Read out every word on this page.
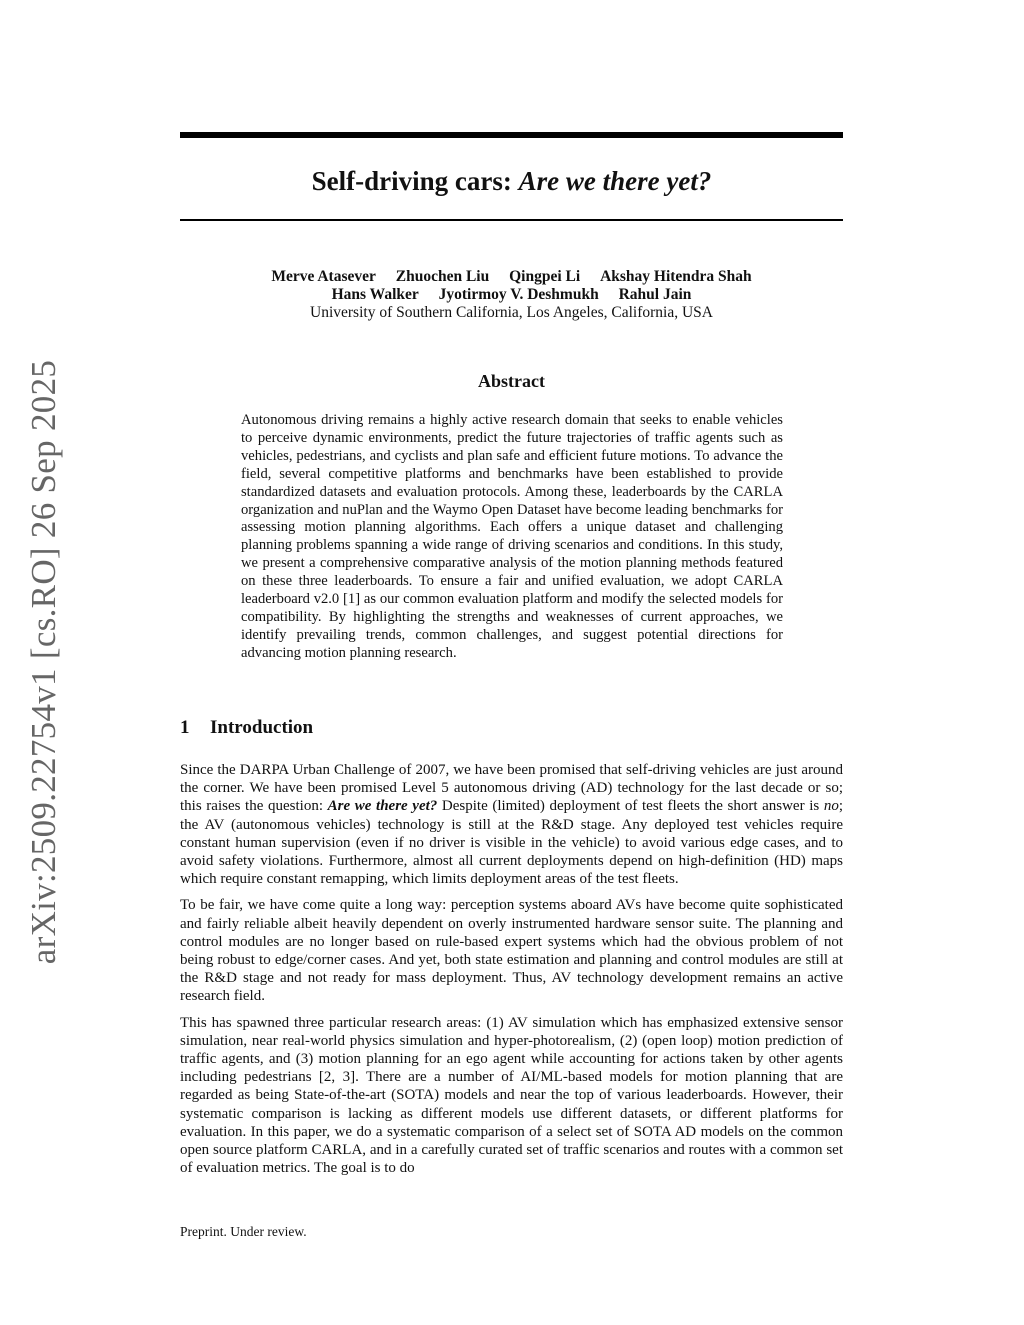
arXiv:2509.22754v1 [cs.RO] 26 Sep 2025
Self-driving cars: Are we there yet?
Merve Atasever Zhuochen Liu Qingpei Li Akshay Hitendra Shah
Hans Walker Jyotirmoy V. Deshmukh Rahul Jain
University of Southern California, Los Angeles, California, USA
Abstract
Autonomous driving remains a highly active research domain that seeks to enable vehicles to perceive dynamic environments, predict the future trajectories of traffic agents such as vehicles, pedestrians, and cyclists and plan safe and efficient future motions. To advance the field, several competitive platforms and benchmarks have been established to provide standardized datasets and evaluation protocols. Among these, leaderboards by the CARLA organization and nuPlan and the Waymo Open Dataset have become leading benchmarks for assessing motion planning algorithms. Each offers a unique dataset and challenging planning problems spanning a wide range of driving scenarios and conditions. In this study, we present a comprehensive comparative analysis of the motion planning methods featured on these three leaderboards. To ensure a fair and unified evaluation, we adopt CARLA leaderboard v2.0 [1] as our common evaluation platform and modify the selected models for compatibility. By highlighting the strengths and weaknesses of current approaches, we identify prevailing trends, common challenges, and suggest potential directions for advancing motion planning research.
1 Introduction

Since the DARPA Urban Challenge of 2007, we have been promised that self-driving vehicles are just around the corner. We have been promised Level 5 autonomous driving (AD) technology for the last decade or so; this raises the question: Are we there yet? Despite (limited) deployment of test fleets the short answer is no; the AV (autonomous vehicles) technology is still at the R&D stage. Any deployed test vehicles require constant human supervision (even if no driver is visible in the vehicle) to avoid various edge cases, and to avoid safety violations. Furthermore, almost all current deployments depend on high-definition (HD) maps which require constant remapping, which limits deployment areas of the test fleets.

To be fair, we have come quite a long way: perception systems aboard AVs have become quite sophisticated and fairly reliable albeit heavily dependent on overly instrumented hardware sensor suite. The planning and control modules are no longer based on rule-based expert systems which had the obvious problem of not being robust to edge/corner cases. And yet, both state estimation and planning and control modules are still at the R&D stage and not ready for mass deployment. Thus, AV technology development remains an active research field.

This has spawned three particular research areas: (1) AV simulation which has emphasized extensive sensor simulation, near real-world physics simulation and hyper-photorealism, (2) (open loop) motion prediction of traffic agents, and (3) motion planning for an ego agent while accounting for actions taken by other agents including pedestrians [2, 3]. There are a number of AI/ML-based models for motion planning that are regarded as being State-of-the-art (SOTA) models and near the top of various leaderboards. However, their systematic comparison is lacking as different models use different datasets, or different platforms for evaluation. In this paper, we do a systematic comparison of a select set of SOTA AD models on the common open source platform CARLA, and in a carefully curated set of traffic scenarios and routes with a common set of evaluation metrics. The goal is to do

Preprint. Under review.
